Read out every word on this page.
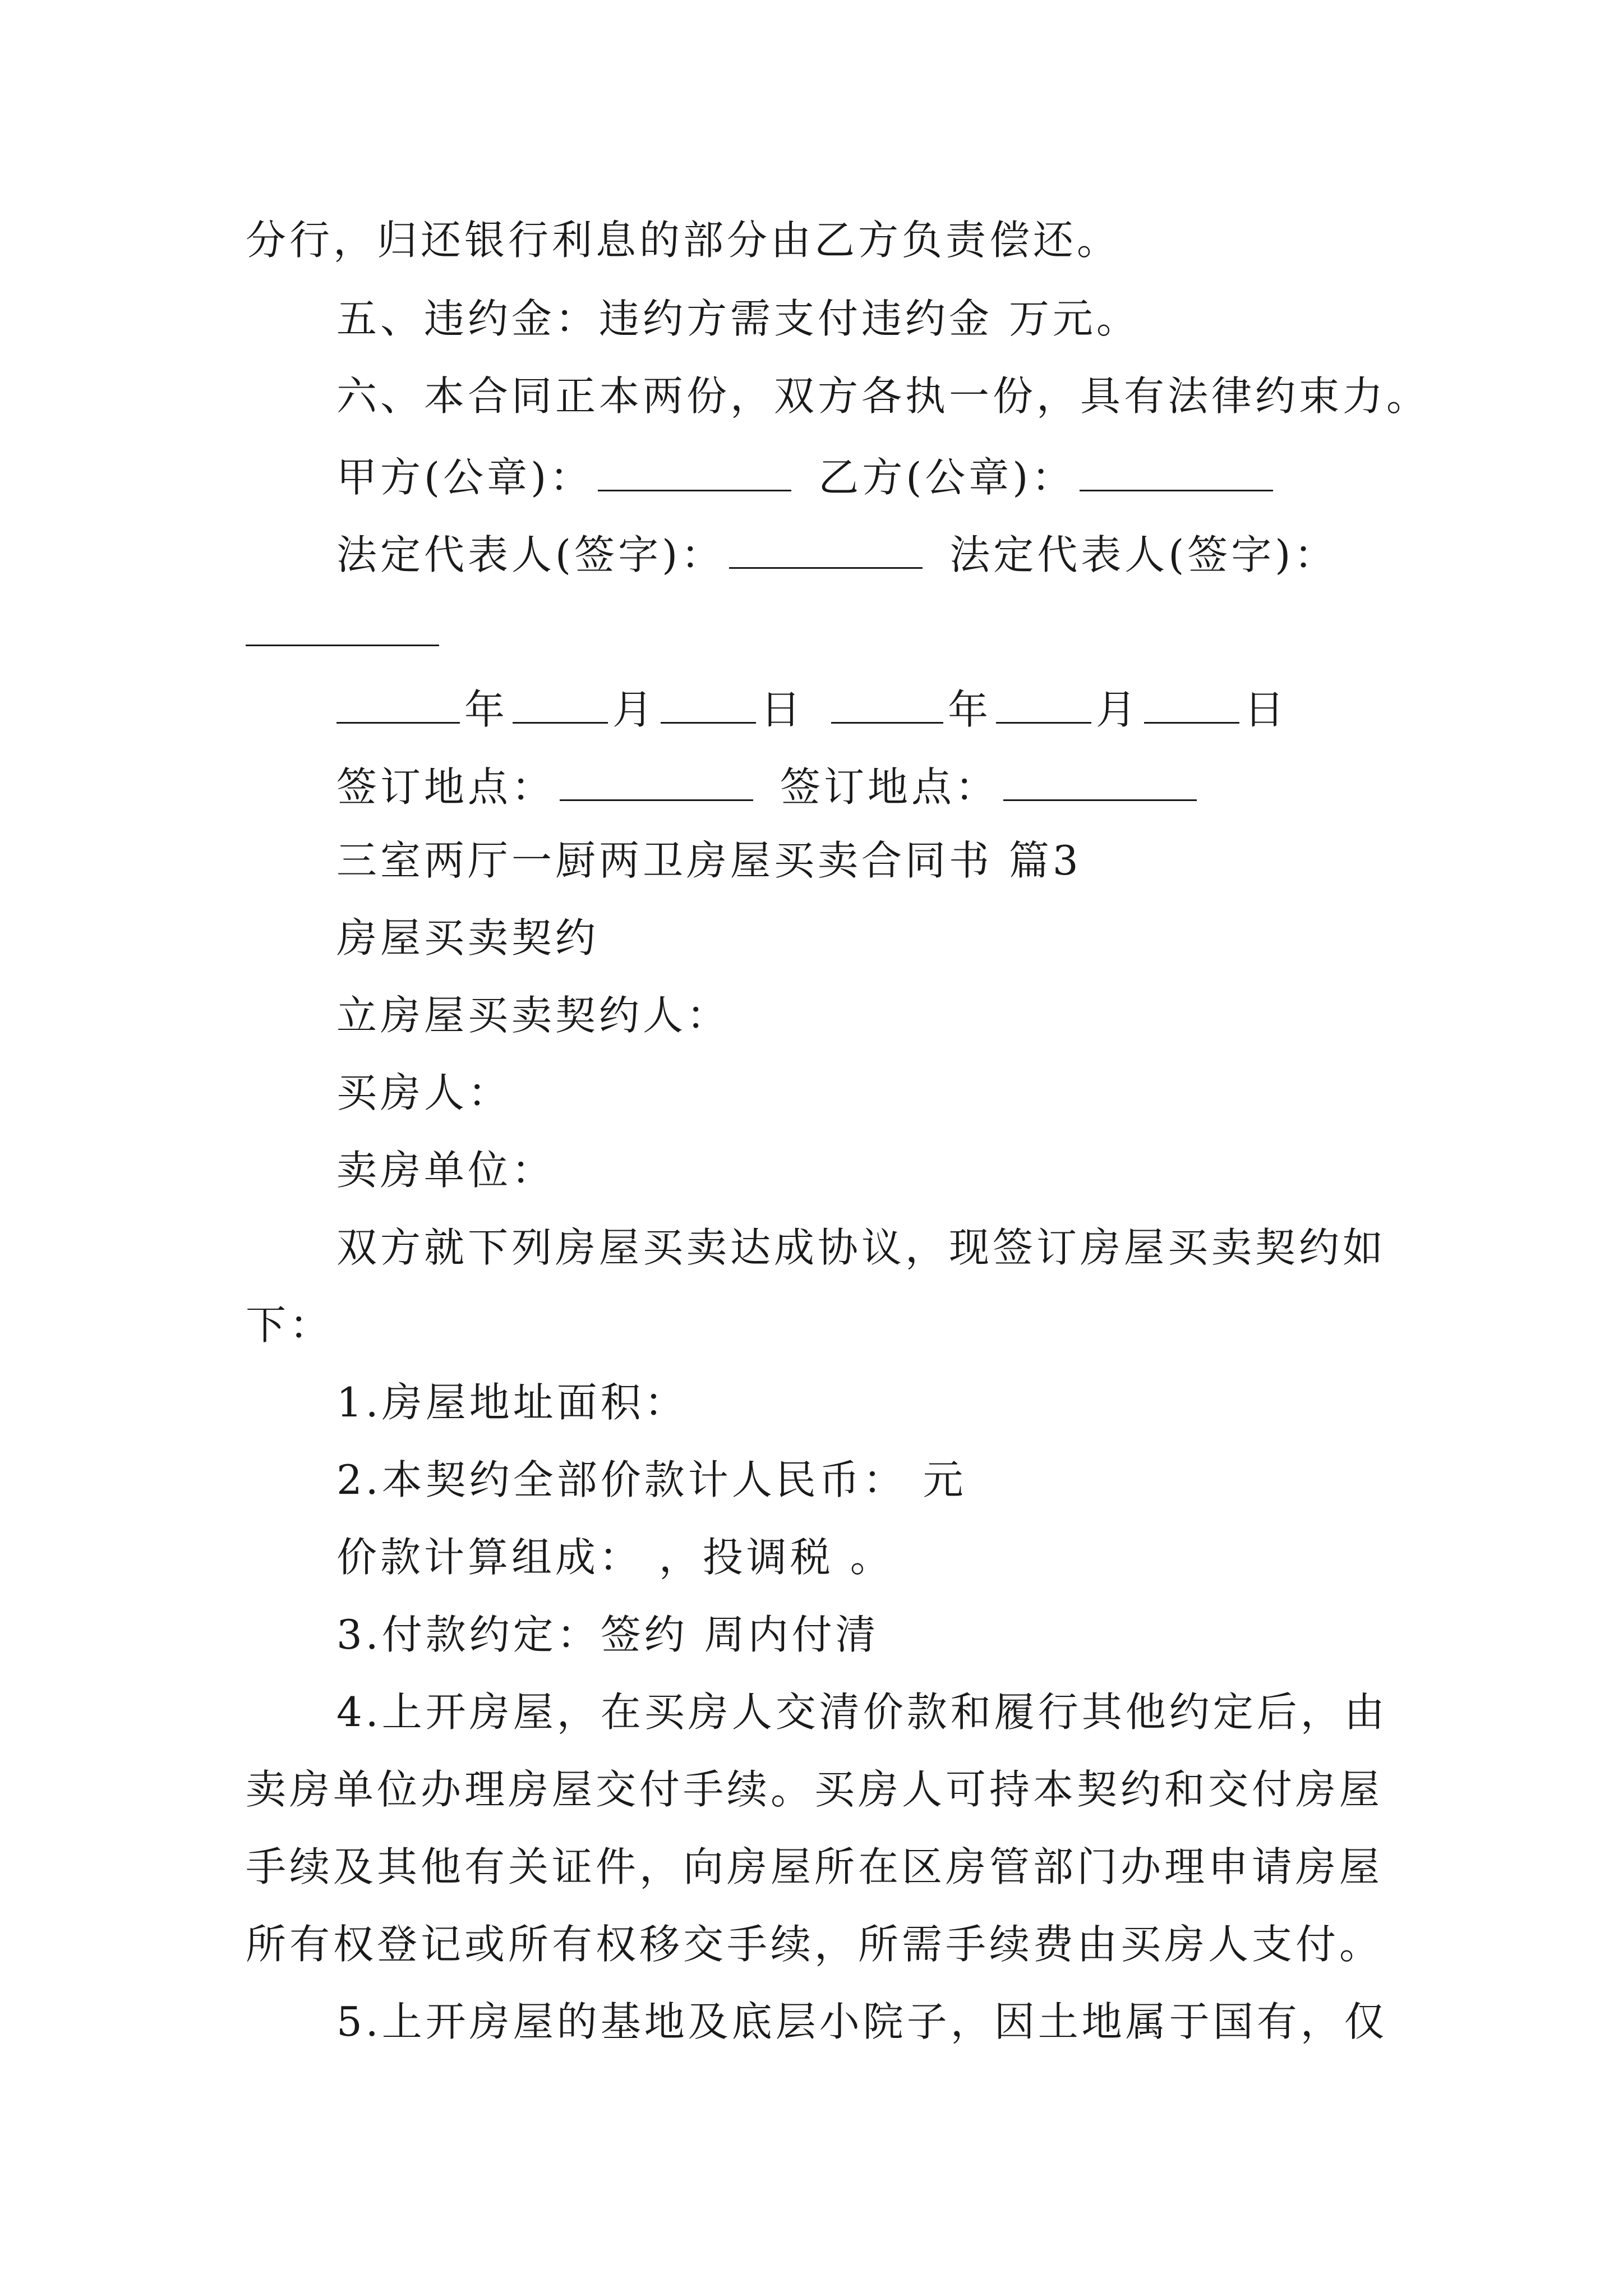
分行，归还银行利息的部分由乙方负责偿还。
五、违约金：违约方需支付违约金 万元。
六、本合同正本两份，双方各执一份，具有法律约束力。
甲方(公章)：	乙方(公章)：
法定代表人(签字)：	法定代表人(签字)：
年	月	日	年	月	日
签订地点：	签订地点：
三室两厅一厨两卫房屋买卖合同书 篇3
房屋买卖契约
立房屋买卖契约人：
买房人：
卖房单位：
双方就下列房屋买卖达成协议，现签订房屋买卖契约如
下：
1.房屋地址面积：
2.本契约全部价款计人民币： 元
价款计算组成： ，投调税 。
3.付款约定：签约 周内付清
4.上开房屋，在买房人交清价款和履行其他约定后，由
卖房单位办理房屋交付手续。买房人可持本契约和交付房屋
手续及其他有关证件，向房屋所在区房管部门办理申请房屋
所有权登记或所有权移交手续，所需手续费由买房人支付。
5.上开房屋的基地及底层小院子，因土地属于国有，仅
